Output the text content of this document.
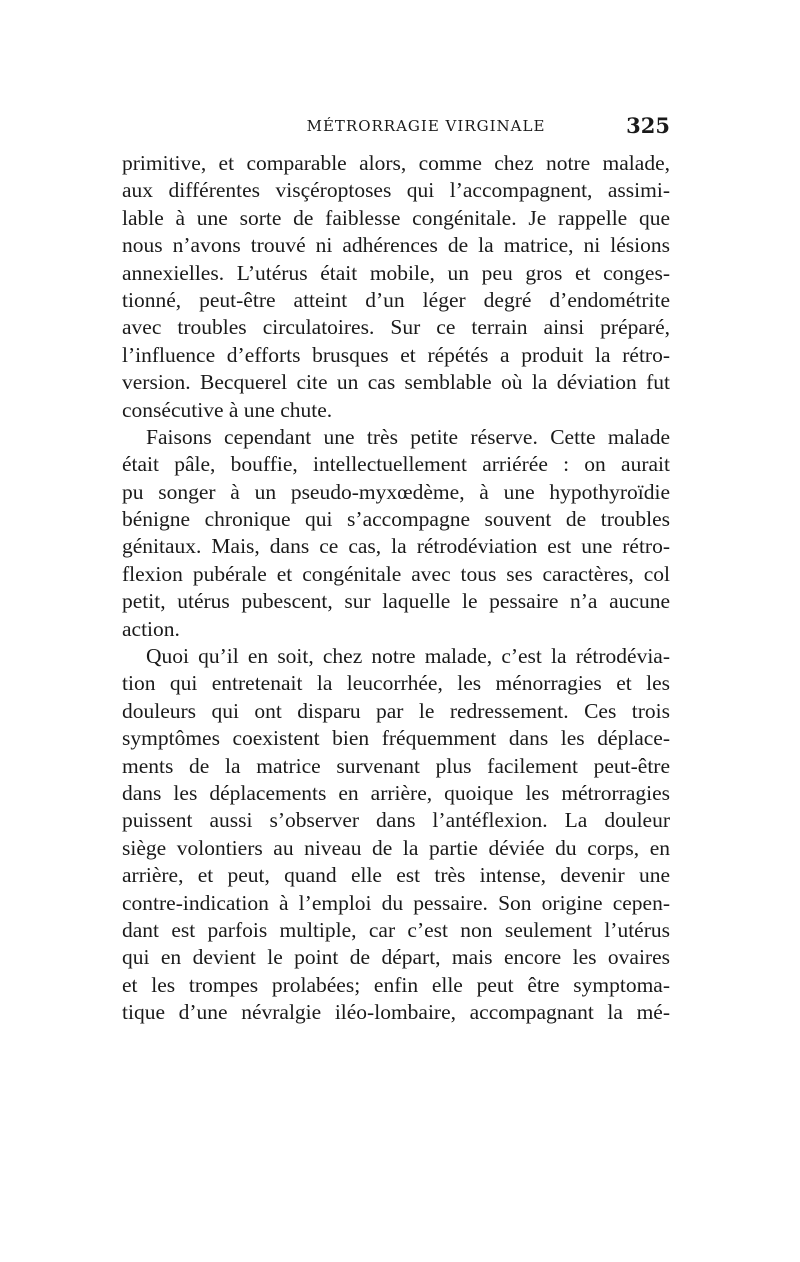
MÉTRORRAGIE VIRGINALE	325
primitive, et comparable alors, comme chez notre malade,
aux différentes visçéroptoses qui l’accompagnent, assimi-
lable à une sorte de faiblesse congénitale. Je rappelle que
nous n’avons trouvé ni adhérences de la matrice, ni lésions
annexielles. L’utérus était mobile, un peu gros et conges-
tionné, peut-être atteint d’un léger degré d’endométrite
avec troubles circulatoires. Sur ce terrain ainsi préparé,
l’influence d’efforts brusques et répétés a produit la rétro-
version. Becquerel cite un cas semblable où la déviation fut
consécutive à une chute.
Faisons cependant une très petite réserve. Cette malade
était pâle, bouffie, intellectuellement arriérée : on aurait
pu songer à un pseudo-myxœdème, à une hypothyroïdie
bénigne chronique qui s’accompagne souvent de troubles
génitaux. Mais, dans ce cas, la rétrodéviation est une rétro-
flexion pubérale et congénitale avec tous ses caractères, col
petit, utérus pubescent, sur laquelle le pessaire n’a aucune
action.
Quoi qu’il en soit, chez notre malade, c’est la rétrodévia-
tion qui entretenait la leucorrhée, les ménorragies et les
douleurs qui ont disparu par le redressement. Ces trois
symptômes coexistent bien fréquemment dans les déplace-
ments de la matrice survenant plus facilement peut-être
dans les déplacements en arrière, quoique les métrorragies
puissent aussi s’observer dans l’antéflexion. La douleur
siège volontiers au niveau de la partie déviée du corps, en
arrière, et peut, quand elle est très intense, devenir une
contre-indication à l’emploi du pessaire. Son origine cepen-
dant est parfois multiple, car c’est non seulement l’utérus
qui en devient le point de départ, mais encore les ovaires
et les trompes prolabées; enfin elle peut être symptoma-
tique d’une névralgie iléo-lombaire, accompagnant la mé-
